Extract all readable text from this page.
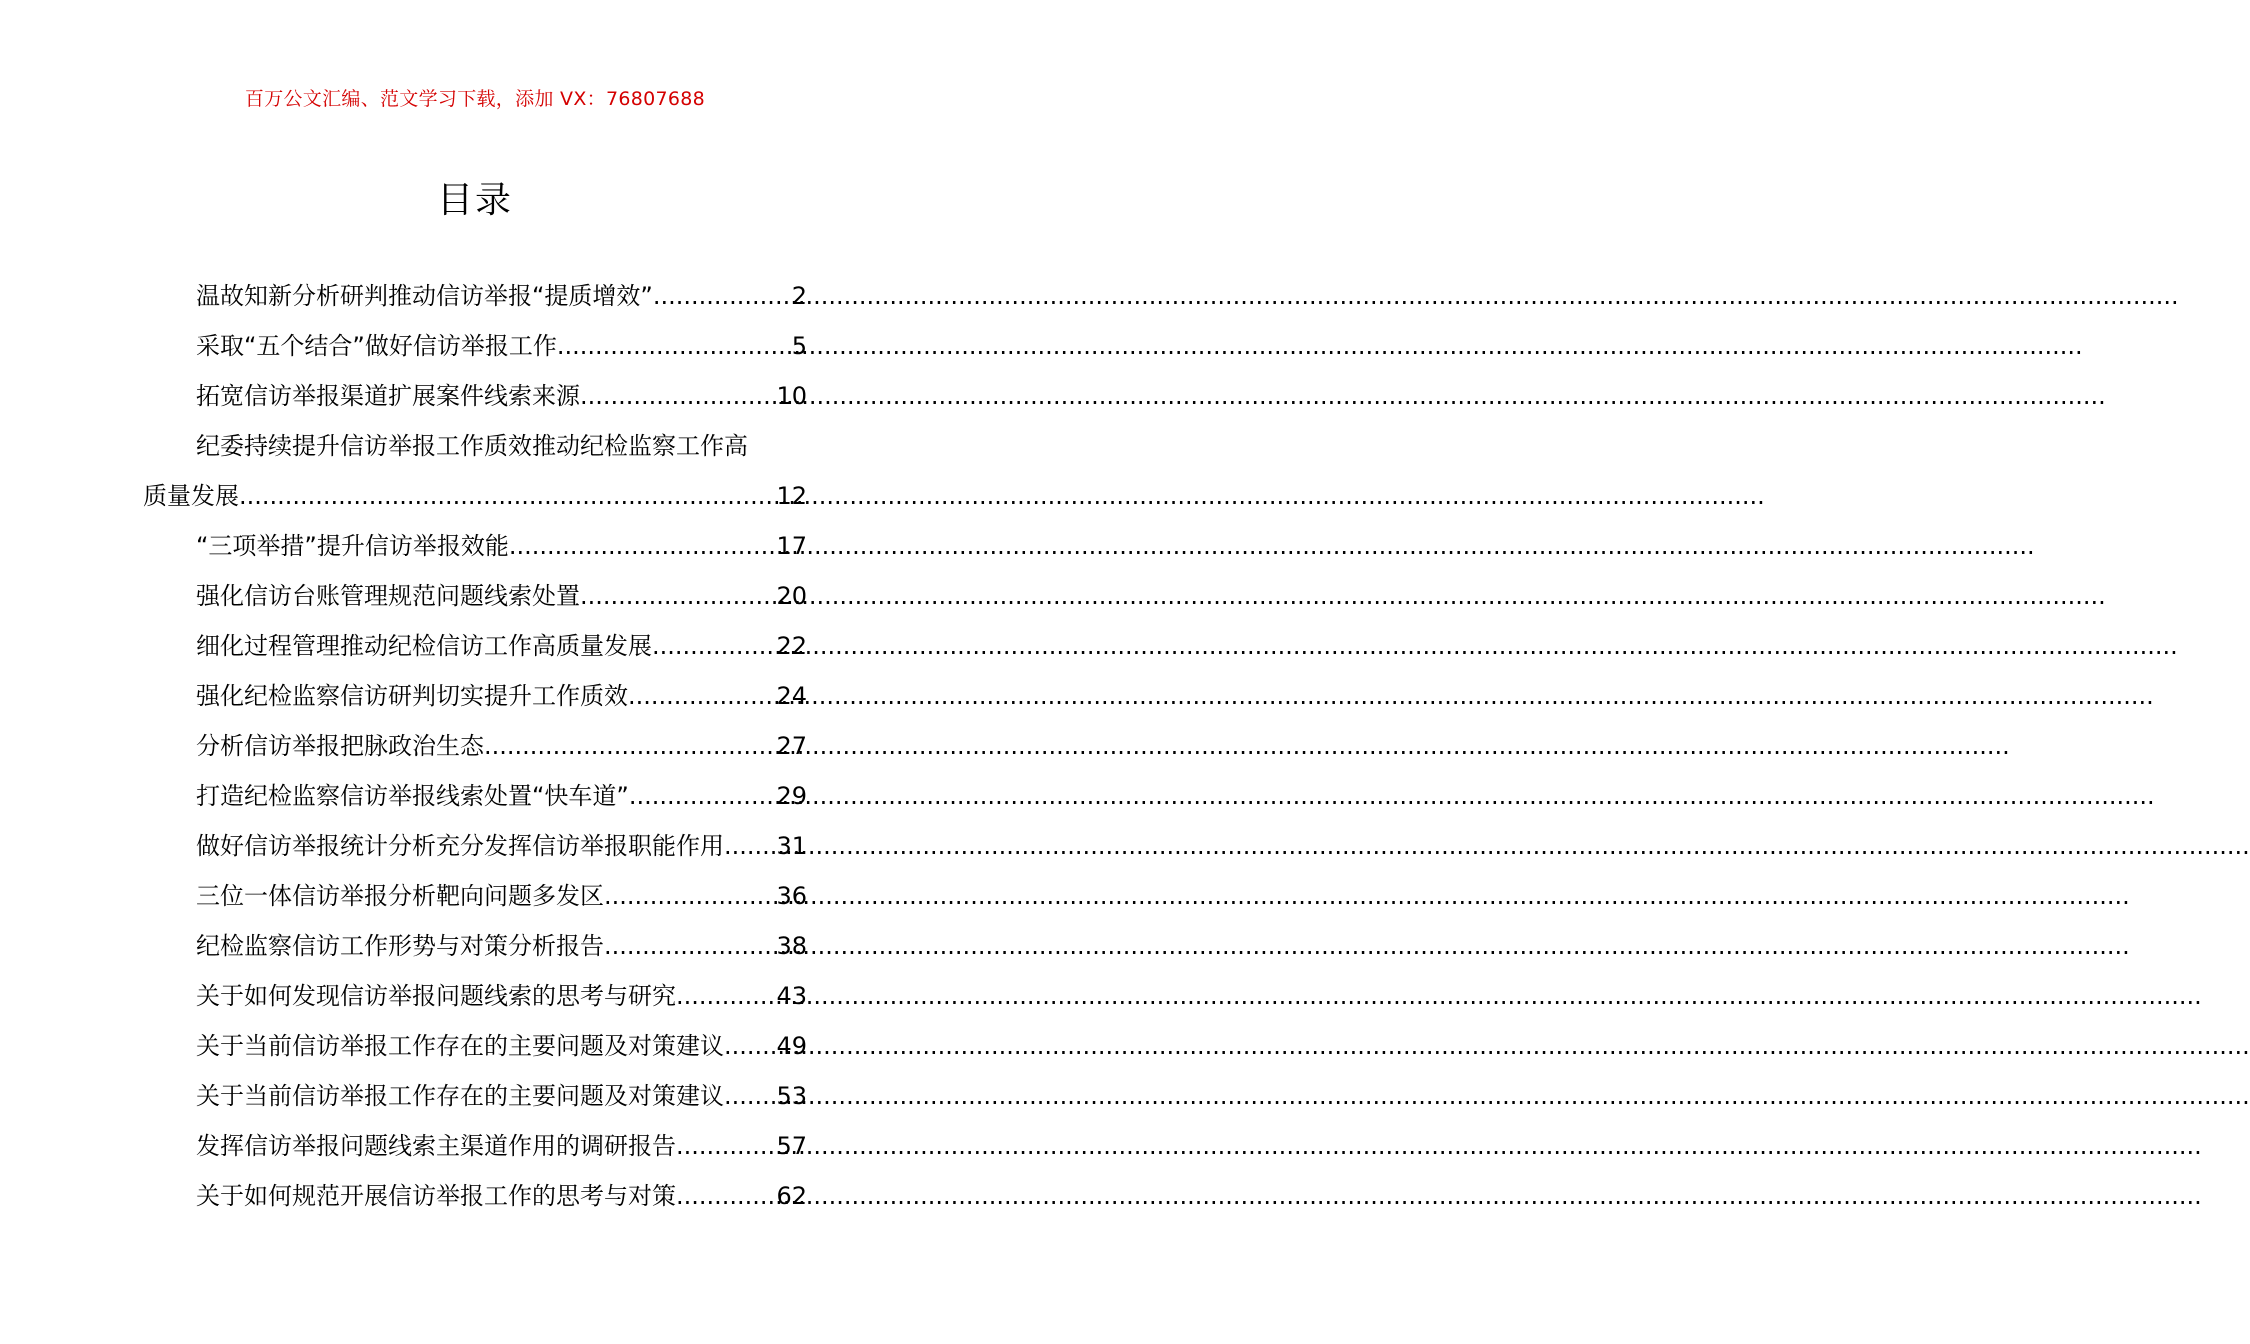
百万公文汇编、范文学习下载，添加 VX：76807688
目录
温故知新分析研判推动信访举报“提质增效” .....	2
采取“五个结合”做好信访举报工作 .....	5
拓宽信访举报渠道扩展案件线索来源 .....	10
纪委持续提升信访举报工作质效推动纪检监察工作高
质量发展 .....	12
“三项举措”提升信访举报效能 .....	17
强化信访台账管理规范问题线索处置 .....	20
细化过程管理推动纪检信访工作高质量发展 .....	22
强化纪检监察信访研判切实提升工作质效 .....	24
分析信访举报把脉政治生态 .....	27
打造纪检监察信访举报线索处置“快车道” .....	29
做好信访举报统计分析充分发挥信访举报职能作用 ..... 31
三位一体信访举报分析靶向问题多发区 .....	36
纪检监察信访工作形势与对策分析报告 .....	38
关于如何发现信访举报问题线索的思考与研究 .....	43
关于当前信访举报工作存在的主要问题及对策建议 ..... 49
关于当前信访举报工作存在的主要问题及对策建议 ..... 53
发挥信访举报问题线索主渠道作用的调研报告 .....	57
关于如何规范开展信访举报工作的思考与对策 .....	62
